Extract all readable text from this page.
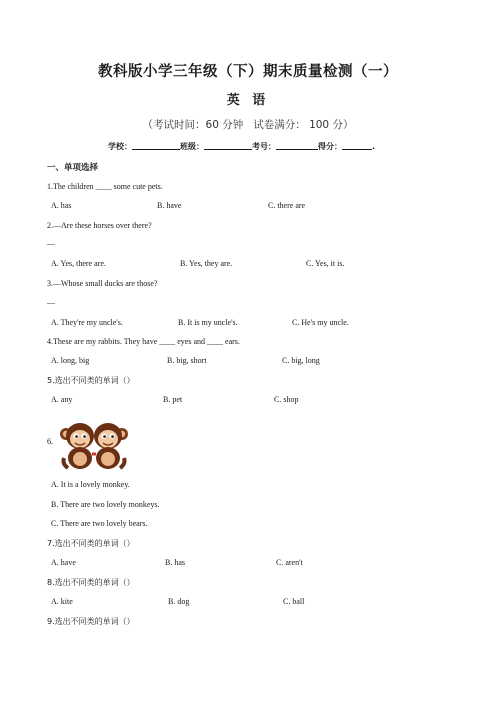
教科版小学三年级（下）期末质量检测（一）
英 语
（考试时间：60 分钟 试卷满分： 100 分）
学校：	班级：	考号：	得分：	.
一、单项选择
1.The children ____ some cute pets.
A. has	B. have	C. there are
2.—Are these horses over there?
—
A. Yes, there are.	B. Yes, they are.	C. Yes, it is.
3.—Whose small ducks are those?
—
A. They're my uncle's.	B. It is my uncle's.	C. He's my uncle.
4.These are my rabbits. They have ____ eyes and ____ ears.
A. long, big	B. big, short	C. big, long
5.选出不同类的单词（）
A. any	B. pet	C. shop
6.
A. It is a lovely monkey.
B. There are two lovely monkeys.
C. There are two lovely bears.
7.选出不同类的单词（）
A. have	B. has	C. aren't
8.选出不同类的单词（）
A. kite	B. dog	C. ball
9.选出不同类的单词（）
